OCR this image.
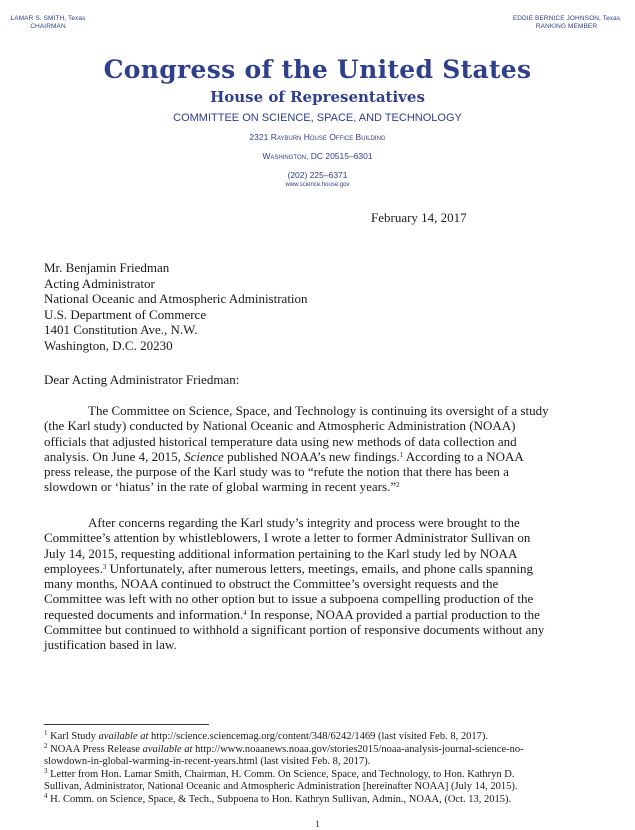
LAMAR S. SMITH, Texas
CHAIRMAN
EDDIE BERNICE JOHNSON, Texas
RANKING MEMBER
Congress of the United States
House of Representatives
COMMITTEE ON SCIENCE, SPACE, AND TECHNOLOGY
2321 Rayburn House Office Building
Washington, DC 20515–6301
(202) 225–6371
www.science.house.gov
February 14, 2017
Mr. Benjamin Friedman
Acting Administrator
National Oceanic and Atmospheric Administration
U.S. Department of Commerce
1401 Constitution Ave., N.W.
Washington, D.C. 20230
Dear Acting Administrator Friedman:
The Committee on Science, Space, and Technology is continuing its oversight of a study
(the Karl study) conducted by National Oceanic and Atmospheric Administration (NOAA)
officials that adjusted historical temperature data using new methods of data collection and
analysis. On June 4, 2015, Science published NOAA’s new findings.$^1$ According to a NOAA
press release, the purpose of the Karl study was to “refute the notion that there has been a
slowdown or ‘hiatus’ in the rate of global warming in recent years.”$^2$
After concerns regarding the Karl study’s integrity and process were brought to the
Committee’s attention by whistleblowers, I wrote a letter to former Administrator Sullivan on
July 14, 2015, requesting additional information pertaining to the Karl study led by NOAA
employees.$^3$ Unfortunately, after numerous letters, meetings, emails, and phone calls spanning
many months, NOAA continued to obstruct the Committee’s oversight requests and the
Committee was left with no other option but to issue a subpoena compelling production of the
requested documents and information.$^4$ In response, NOAA provided a partial production to the
Committee but continued to withhold a significant portion of responsive documents without any
justification based in law.
$^1$ Karl Study available at http://science.sciencemag.org/content/348/6242/1469 (last visited Feb. 8, 2017).
$^2$ NOAA Press Release available at http://www.noaanews.noaa.gov/stories2015/noaa-analysis-journal-science-no-
slowdown-in-global-warming-in-recent-years.html (last visited Feb. 8, 2017).
$^3$ Letter from Hon. Lamar Smith, Chairman, H. Comm. On Science, Space, and Technology, to Hon. Kathryn D.
Sullivan, Administrator, National Oceanic and Atmospheric Administration [hereinafter NOAA] (July 14, 2015).
$^4$ H. Comm. on Science, Space, & Tech., Subpoena to Hon. Kathryn Sullivan, Admin., NOAA, (Oct. 13, 2015).
1
